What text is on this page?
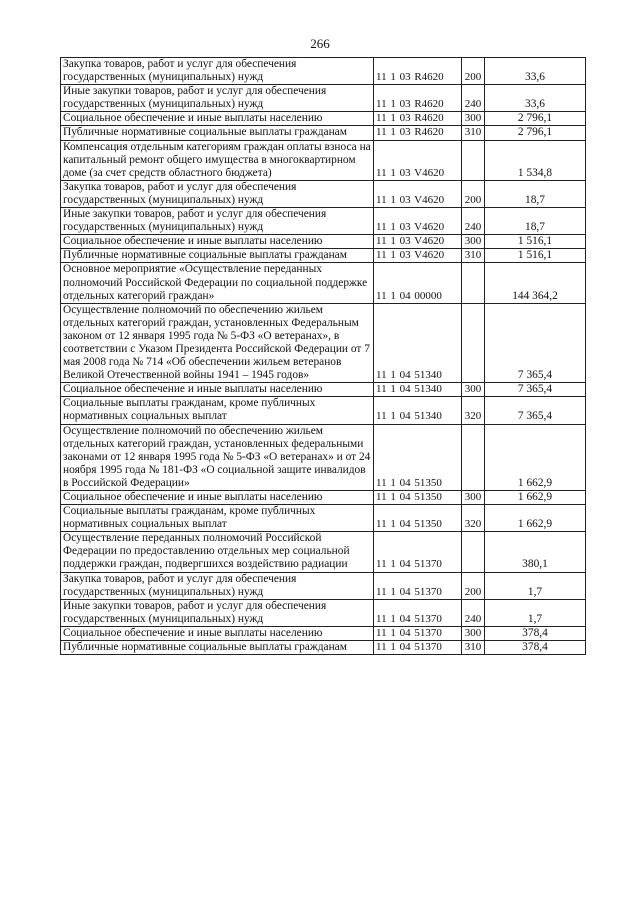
266
Закупка товаров, работ и услуг для обеспечения государственных (муниципальных) нужд	11 1 03 R4620	200	33,6

Иные закупки товаров, работ и услуг для обеспечения государственных (муниципальных) нужд	11 1 03 R4620	240	33,6

Социальное обеспечение и иные выплаты населению	11 1 03 R4620	300	2 796,1

Публичные нормативные социальные выплаты гражданам	11 1 03 R4620	310	2 796,1

Компенсация отдельным категориям граждан оплаты взноса на капитальный ремонт общего имущества в многоквартирном доме (за счет средств областного бюджета)	11 1 03 V4620		1 534,8

Закупка товаров, работ и услуг для обеспечения государственных (муниципальных) нужд	11 1 03 V4620	200	18,7

Иные закупки товаров, работ и услуг для обеспечения государственных (муниципальных) нужд	11 1 03 V4620	240	18,7

Социальное обеспечение и иные выплаты населению	11 1 03 V4620	300	1 516,1

Публичные нормативные социальные выплаты гражданам	11 1 03 V4620	310	1 516,1

Основное мероприятие «Осуществление переданных полномочий Российской Федерации по социальной поддержке отдельных категорий граждан»	11 1 04 00000		144 364,2

Осуществление полномочий по обеспечению жильем отдельных категорий граждан, установленных Федеральным законом от 12 января 1995 года № 5-ФЗ «О ветеранах», в соответствии с Указом Президента Российской Федерации от 7 мая 2008 года № 714 «Об обеспечении жильем ветеранов Великой Отечественной войны 1941 – 1945 годов»	11 1 04 51340		7 365,4

Социальное обеспечение и иные выплаты населению	11 1 04 51340	300	7 365,4

Социальные выплаты гражданам, кроме публичных нормативных социальных выплат	11 1 04 51340	320	7 365,4

Осуществление полномочий по обеспечению жильем отдельных категорий граждан, установленных федеральными законами от 12 января 1995 года № 5-ФЗ «О ветеранах» и от 24 ноября 1995 года № 181-ФЗ «О социальной защите инвалидов в Российской Федерации»	11 1 04 51350		1 662,9

Социальное обеспечение и иные выплаты населению	11 1 04 51350	300	1 662,9

Социальные выплаты гражданам, кроме публичных нормативных социальных выплат	11 1 04 51350	320	1 662,9

Осуществление переданных полномочий Российской Федерации по предоставлению отдельных мер социальной поддержки граждан, подвергшихся воздействию радиации	11 1 04 51370		380,1

Закупка товаров, работ и услуг для обеспечения государственных (муниципальных) нужд	11 1 04 51370	200	1,7

Иные закупки товаров, работ и услуг для обеспечения государственных (муниципальных) нужд	11 1 04 51370	240	1,7

Социальное обеспечение и иные выплаты населению	11 1 04 51370	300	378,4

Публичные нормативные социальные выплаты гражданам	11 1 04 51370	310	378,4
